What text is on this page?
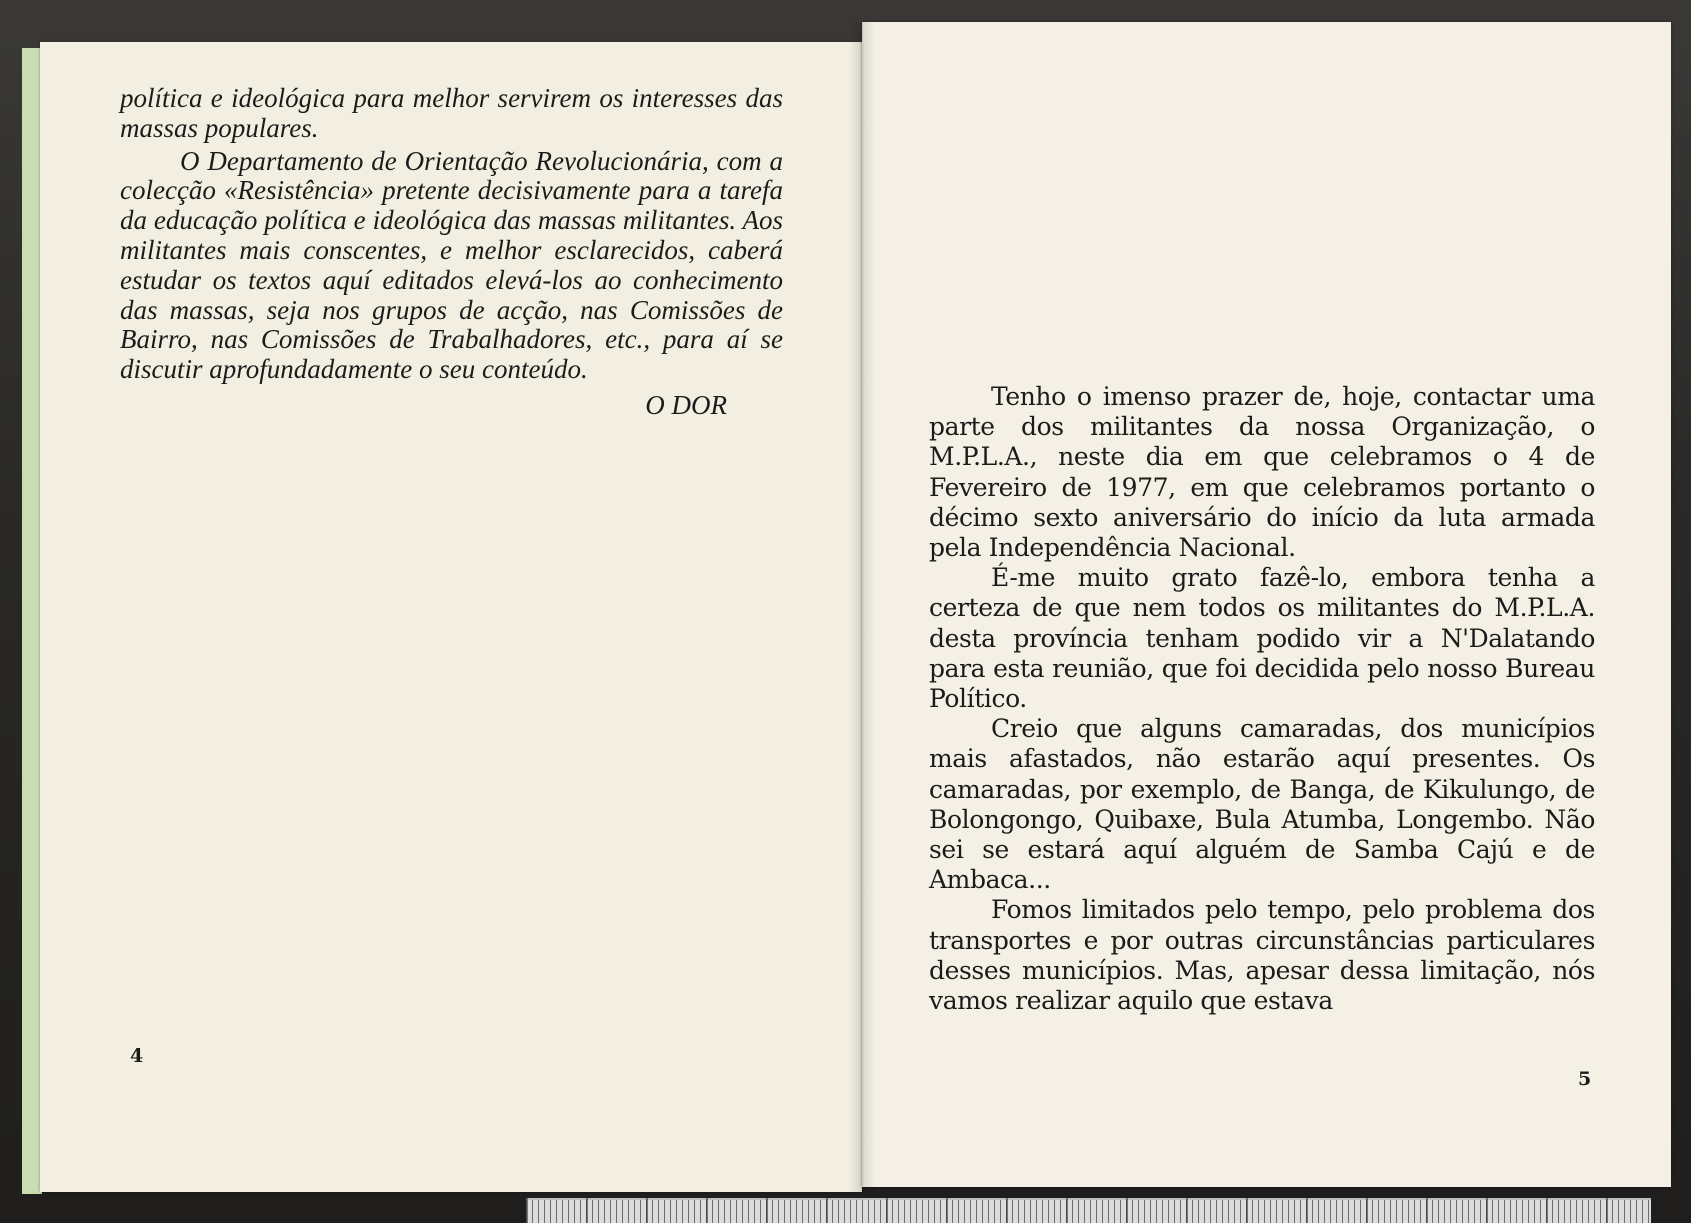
política e ideológica para melhor servirem os interesses das massas populares.

O Departamento de Orientação Revolucionária, com a colecção «Resistência» pretente decisivamente para a tarefa da educação política e ideológica das massas militantes. Aos militantes mais conscentes, e melhor esclarecidos, caberá estudar os textos aquí editados elevá-los ao conhecimento das massas, seja nos grupos de acção, nas Comissões de Bairro, nas Comissões de Trabalhadores, etc., para aí se discutir aprofundadamente o seu conteúdo.

O DOR	Tenho o imenso prazer de, hoje, contactar uma parte dos militantes da nossa Organização, o M.P.L.A., neste dia em que celebramos o 4 de Fevereiro de 1977, em que celebramos portanto o décimo sexto aniversário do início da luta armada pela Independência Nacional.

É-me muito grato fazê-lo, embora tenha a certeza de que nem todos os militantes do M.P.L.A. desta província tenham podido vir a N'Dalatando para esta reunião, que foi decidida pelo nosso Bureau Político.

Creio que alguns camaradas, dos municípios mais afastados, não estarão aquí presentes. Os camaradas, por exemplo, de Banga, de Kikulungo, de Bolongongo, Quibaxe, Bula Atumba, Longembo. Não sei se estará aquí alguém de Samba Cajú e de Ambaca...

Fomos limitados pelo tempo, pelo problema dos transportes e por outras circunstâncias particulares desses municípios. Mas, apesar dessa limitação, nós vamos realizar aquilo que estava

4
5
